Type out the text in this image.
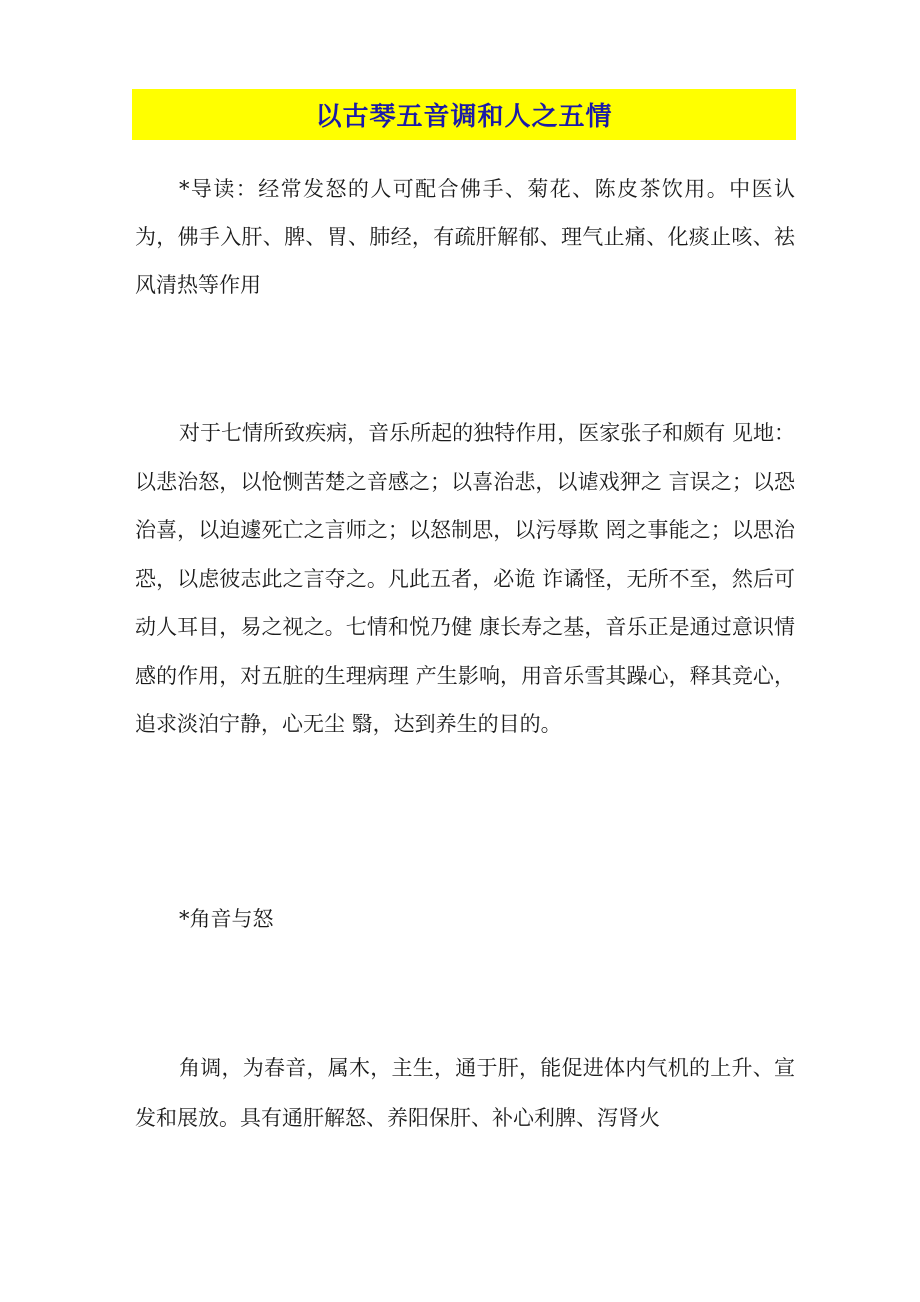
以古琴五音调和人之五情

*导读：经常发怒的人可配合佛手、菊花、陈皮茶饮用。中医认为，佛手入肝、脾、胃、肺经，有疏肝解郁、理气止痛、化痰止咳、祛风清热等作用

对于七情所致疾病，音乐所起的独特作用，医家张子和颇有 见地：以悲治怒，以怆恻苦楚之音感之；以喜治悲，以谑戏狎之 言误之；以恐治喜，以迫遽死亡之言师之；以怒制思，以污辱欺 罔之事能之；以思治恐，以虑彼志此之言夺之。凡此五者，必诡 诈谲怪，无所不至，然后可动人耳目，易之视之。七情和悦乃健 康长寿之基，音乐正是通过意识情感的作用，对五脏的生理病理 产生影响，用音乐雪其躁心，释其竞心，追求淡泊宁静，心无尘 翳，达到养生的目的。

*角音与怒

角调，为春音，属木，主生，通于肝，能促进体内气机的上升、宣发和展放。具有通肝解怒、养阳保肝、补心利脾、泻肾火
